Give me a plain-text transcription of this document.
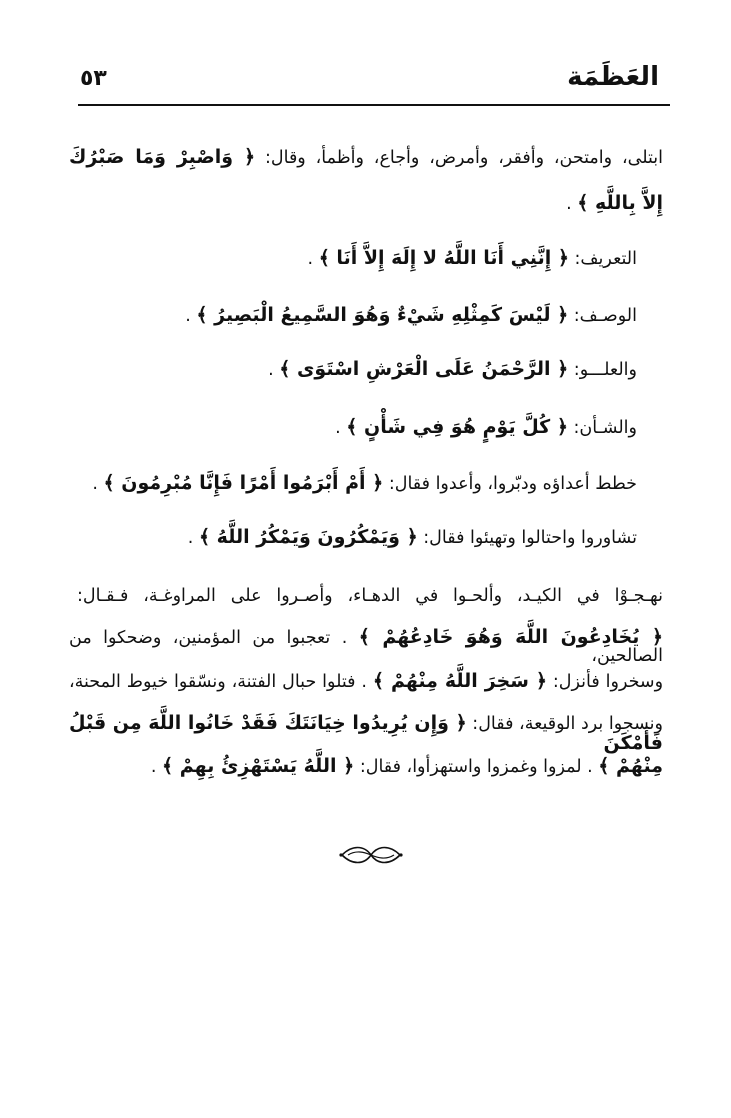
العَظَمَة
٥٣
ابتلى، وامتحن، وأفقر، وأمرض، وأجاع، وأظمأ، وقال: ﴿ وَاصْبِرْ وَمَا صَبْرُكَ
إِلاَّ بِاللَّهِ ﴾ .
التعريف: ﴿ إِنَّنِي أَنَا اللَّهُ لا إِلَهَ إِلاَّ أَنَا ﴾ .
الوصـف: ﴿ لَيْسَ كَمِثْلِهِ شَيْءٌ وَهُوَ السَّمِيعُ الْبَصِيرُ ﴾ .
والعلـــو: ﴿ الرَّحْمَنُ عَلَى الْعَرْشِ اسْتَوَى ﴾ .
والشـأن: ﴿ كُلَّ يَوْمٍ هُوَ فِي شَأْنٍ ﴾ .
خطط أعداؤه ودبّروا، وأعدوا فقال: ﴿ أَمْ أَبْرَمُوا أَمْرًا فَإِنَّا مُبْرِمُونَ ﴾ .
تشاوروا واحتالوا وتهيئوا فقال: ﴿ وَيَمْكُرُونَ وَيَمْكُرُ اللَّهُ ﴾ .
نهـجـوْا في الكيـد، وألحـوا في الدهـاء، وأصـروا على المراوغـة، فـقـال:
﴿ يُخَادِعُونَ اللَّهَ وَهُوَ خَادِعُهُمْ ﴾ . تعجبوا من المؤمنين، وضحكوا من الصالحين،
وسخروا فأنزل: ﴿ سَخِرَ اللَّهُ مِنْهُمْ ﴾ . فتلوا حبال الفتنة، ونسّقوا خيوط المحنة،
ونسجوا برد الوقيعة، فقال: ﴿ وَإِن يُرِيدُوا خِيَانَتَكَ فَقَدْ خَانُوا اللَّهَ مِن قَبْلُ فَأَمْكَنَ
مِنْهُمْ ﴾ . لمزوا وغمزوا واستهزأوا، فقال: ﴿ اللَّهُ يَسْتَهْزِئُ بِهِمْ ﴾ .
